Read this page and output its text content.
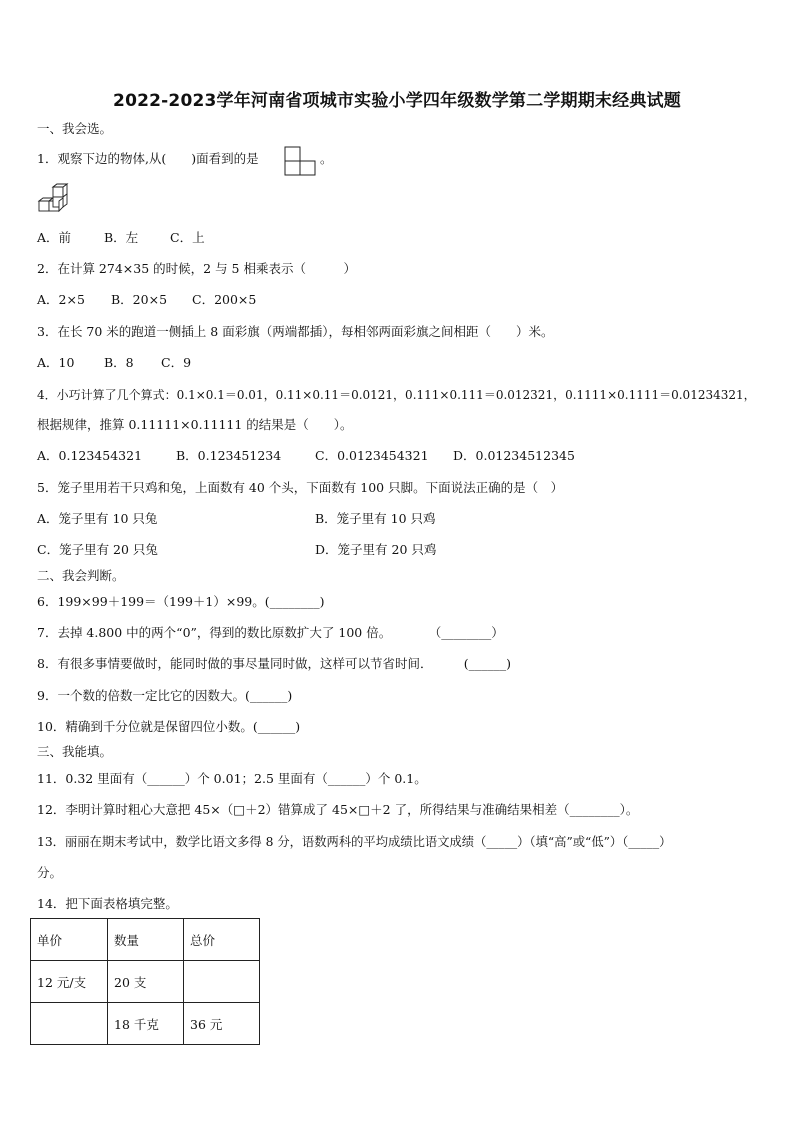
2022-2023学年河南省项城市实验小学四年级数学第二学期期末经典试题
一、我会选。
1．观察下边的物体,从(　　)面看到的是	。
A．前	B．左	C．上
2．在计算 274×35 的时候，2 与 5 相乘表示（　　　）
A．2×5 B．20×5 C．200×5
3．在长 70 米的跑道一侧插上 8 面彩旗（两端都插），每相邻两面彩旗之间相距（　　）米。
A．10 B．8 C．9
4．小巧计算了几个算式：0.1×0.1＝0.01，0.11×0.11＝0.0121，0.111×0.111＝0.012321，0.1111×0.1111＝0.01234321，
根据规律，推算 0.11111×0.11111 的结果是（　　）。
A．0.123454321	B．0.123451234	C．0.0123454321 D．0.01234512345
5．笼子里用若干只鸡和兔，上面数有 40 个头，下面数有 100 只脚。下面说法正确的是（　）
A．笼子里有 10 只兔	B．笼子里有 10 只鸡
C．笼子里有 20 只兔	D．笼子里有 20 只鸡
二、我会判断。
6．199×99＋199＝（199＋1）×99。(________)
7．去掉 4.800 中的两个“0”，得到的数比原数扩大了 100 倍。　　　　（________）
8．有很多事情要做时，能同时做的事尽量同时做，这样可以节省时间．　　　(______)
9．一个数的倍数一定比它的因数大。(______)
10．精确到千分位就是保留四位小数。(______)
三、我能填。
11．0.32 里面有（______）个 0.01；2.5 里面有（______）个 0.1。
12．李明计算时粗心大意把 45×（□＋2）错算成了 45×□＋2 了，所得结果与准确结果相差（________）。
13．丽丽在期末考试中，数学比语文多得 8 分，语数两科的平均成绩比语文成绩（_____）（填“高”或“低”）（_____）
分。
14．把下面表格填完整。
单价	数量	总价
12 元/支	20 支	
	18 千克	36 元
